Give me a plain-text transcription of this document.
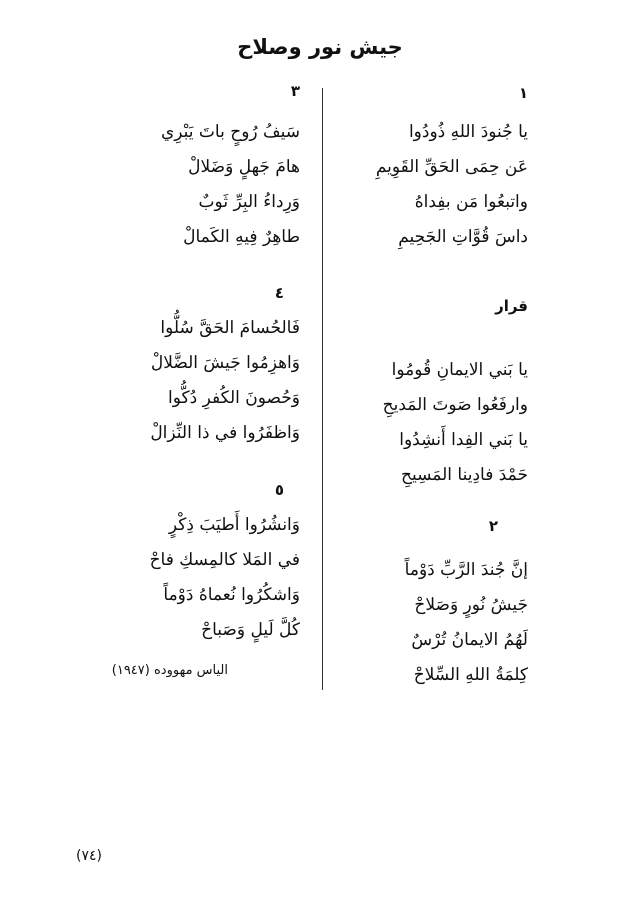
جيش نور وصلاح
١
يا جُنودَ اللهِ ذُودُوا
عَن حِمَى الحَقِّ القَوِيمِ
واتبعُوا مَن بفِداهُ
داسَ قُوَّاتِ الجَحِيمِ
قرار
يا بَني الايمانِ قُومُوا
وارفَعُوا صَوتَ المَديحِ
يا بَني الفِدا أَنشِدُوا
حَمْدَ فادِينا المَسِيحِ
٢
إنَّ جُندَ الرَّبِّ دَوْماً
جَيشُ نُورٍ وَصَلاحْ
لَهُمُ الايمانُ تُرْسٌ
كِلمَةُ اللهِ السِّلاحْ
٣
سَيفُ رُوحٍ باتَ يَبْرِي
هامَ جَهلٍ وَضَلالْ
وَرِداءُ البِرِّ ثَوبٌ
طاهِرٌ فِيهِ الكَمالْ
٤
فَالحُسامَ الحَقَّ سُلُّوا
وَاهزِمُوا جَيشَ الضَّلالْ
وَحُصونَ الكُفرِ دُكُّوا
وَاظفَرُوا في ذا النِّزالْ
٥
وَانشُرُوا أَطيَبَ ذِكْرٍ
في المَلا كالمِسكِ فاحْ
وَاشكُرُوا نُعماهُ دَوْماً
كُلَّ لَيلٍ وَصَباحْ
الياس مهووده (١٩٤٧)
(٧٤)
